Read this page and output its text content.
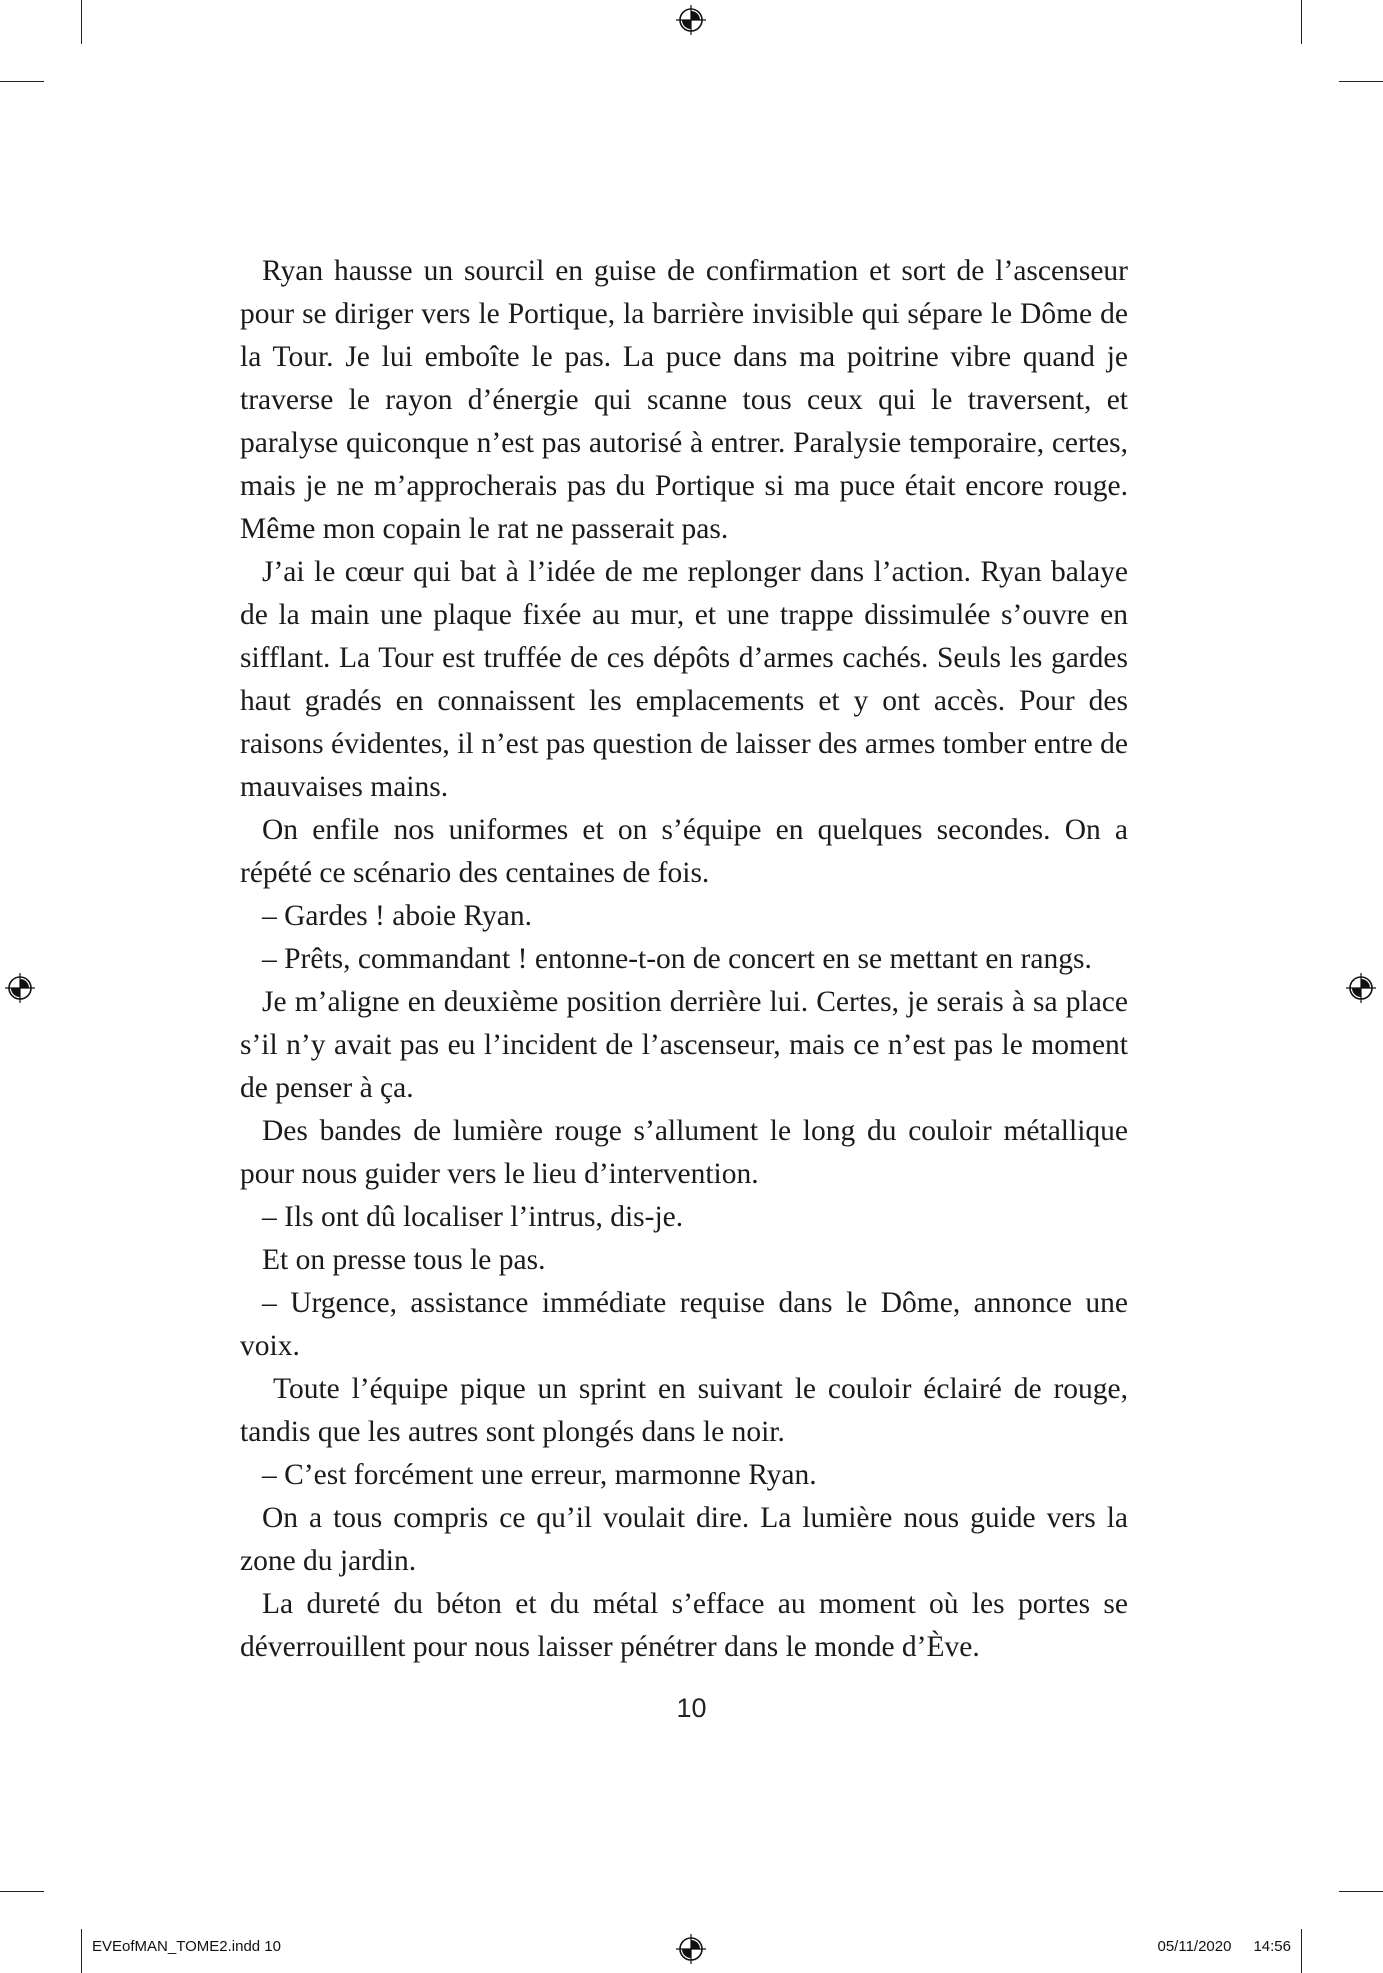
Ryan hausse un sourcil en guise de confirmation et sort de l’ascenseur pour se diriger vers le Portique, la barrière invisible qui sépare le Dôme de la Tour. Je lui emboîte le pas. La puce dans ma poitrine vibre quand je traverse le rayon d’énergie qui scanne tous ceux qui le traversent, et paralyse quiconque n’est pas autorisé à entrer. Paralysie temporaire, certes, mais je ne m’approcherais pas du Portique si ma puce était encore rouge. Même mon copain le rat ne passerait pas.

J’ai le cœur qui bat à l’idée de me replonger dans l’action. Ryan balaye de la main une plaque fixée au mur, et une trappe dissimulée s’ouvre en sifflant. La Tour est truffée de ces dépôts d’armes cachés. Seuls les gardes haut gradés en connaissent les emplacements et y ont accès. Pour des raisons évidentes, il n’est pas question de laisser des armes tomber entre de mauvaises mains.

On enfile nos uniformes et on s’équipe en quelques secondes. On a répété ce scénario des centaines de fois.

– Gardes ! aboie Ryan.

– Prêts, commandant ! entonne-t-on de concert en se mettant en rangs.

Je m’aligne en deuxième position derrière lui. Certes, je serais à sa place s’il n’y avait pas eu l’incident de l’ascenseur, mais ce n’est pas le moment de penser à ça.

Des bandes de lumière rouge s’allument le long du couloir métallique pour nous guider vers le lieu d’intervention.

– Ils ont dû localiser l’intrus, dis-je.

Et on presse tous le pas.

– Urgence, assistance immédiate requise dans le Dôme, annonce une voix.

Toute l’équipe pique un sprint en suivant le couloir éclairé de rouge, tandis que les autres sont plongés dans le noir.

– C’est forcément une erreur, marmonne Ryan.

On a tous compris ce qu’il voulait dire. La lumière nous guide vers la zone du jardin.

La dureté du béton et du métal s’efface au moment où les portes se déverrouillent pour nous laisser pénétrer dans le monde d’Ève.

10
EVEofMAN_TOME2.indd 10	05/11/2020 14:56
